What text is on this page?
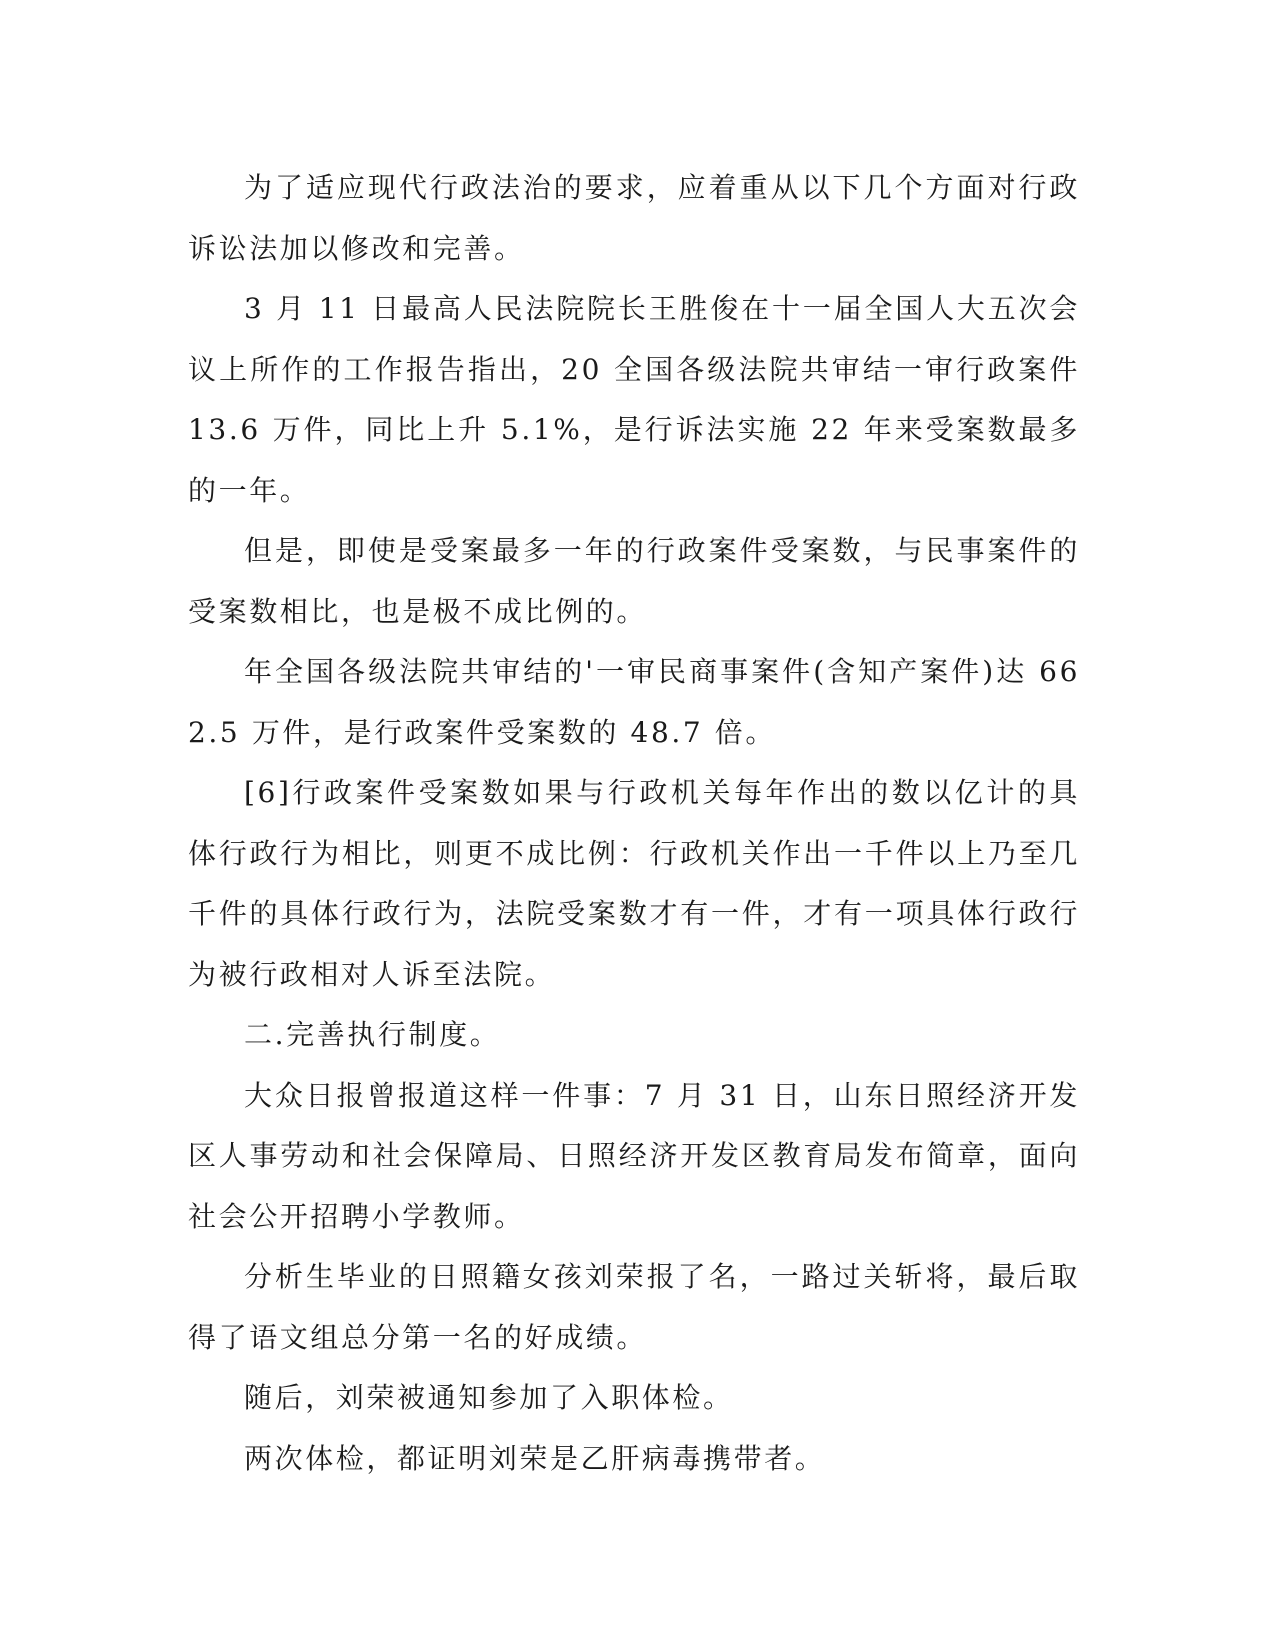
为了适应现代行政法治的要求，应着重从以下几个方面对行政诉讼法加以修改和完善。

3 月 11 日最高人民法院院长王胜俊在十一届全国人大五次会议上所作的工作报告指出，20 全国各级法院共审结一审行政案件 13.6 万件，同比上升 5.1%，是行诉法实施 22 年来受案数最多的一年。

但是，即使是受案最多一年的行政案件受案数，与民事案件的受案数相比，也是极不成比例的。

年全国各级法院共审结的'一审民商事案件(含知产案件)达 662.5 万件，是行政案件受案数的 48.7 倍。

[6]行政案件受案数如果与行政机关每年作出的数以亿计的具体行政行为相比，则更不成比例：行政机关作出一千件以上乃至几千件的具体行政行为，法院受案数才有一件，才有一项具体行政行为被行政相对人诉至法院。

二.完善执行制度。

大众日报曾报道这样一件事：7 月 31 日，山东日照经济开发区人事劳动和社会保障局、日照经济开发区教育局发布简章，面向社会公开招聘小学教师。

分析生毕业的日照籍女孩刘荣报了名，一路过关斩将，最后取得了语文组总分第一名的好成绩。

随后，刘荣被通知参加了入职体检。

两次体检，都证明刘荣是乙肝病毒携带者。
